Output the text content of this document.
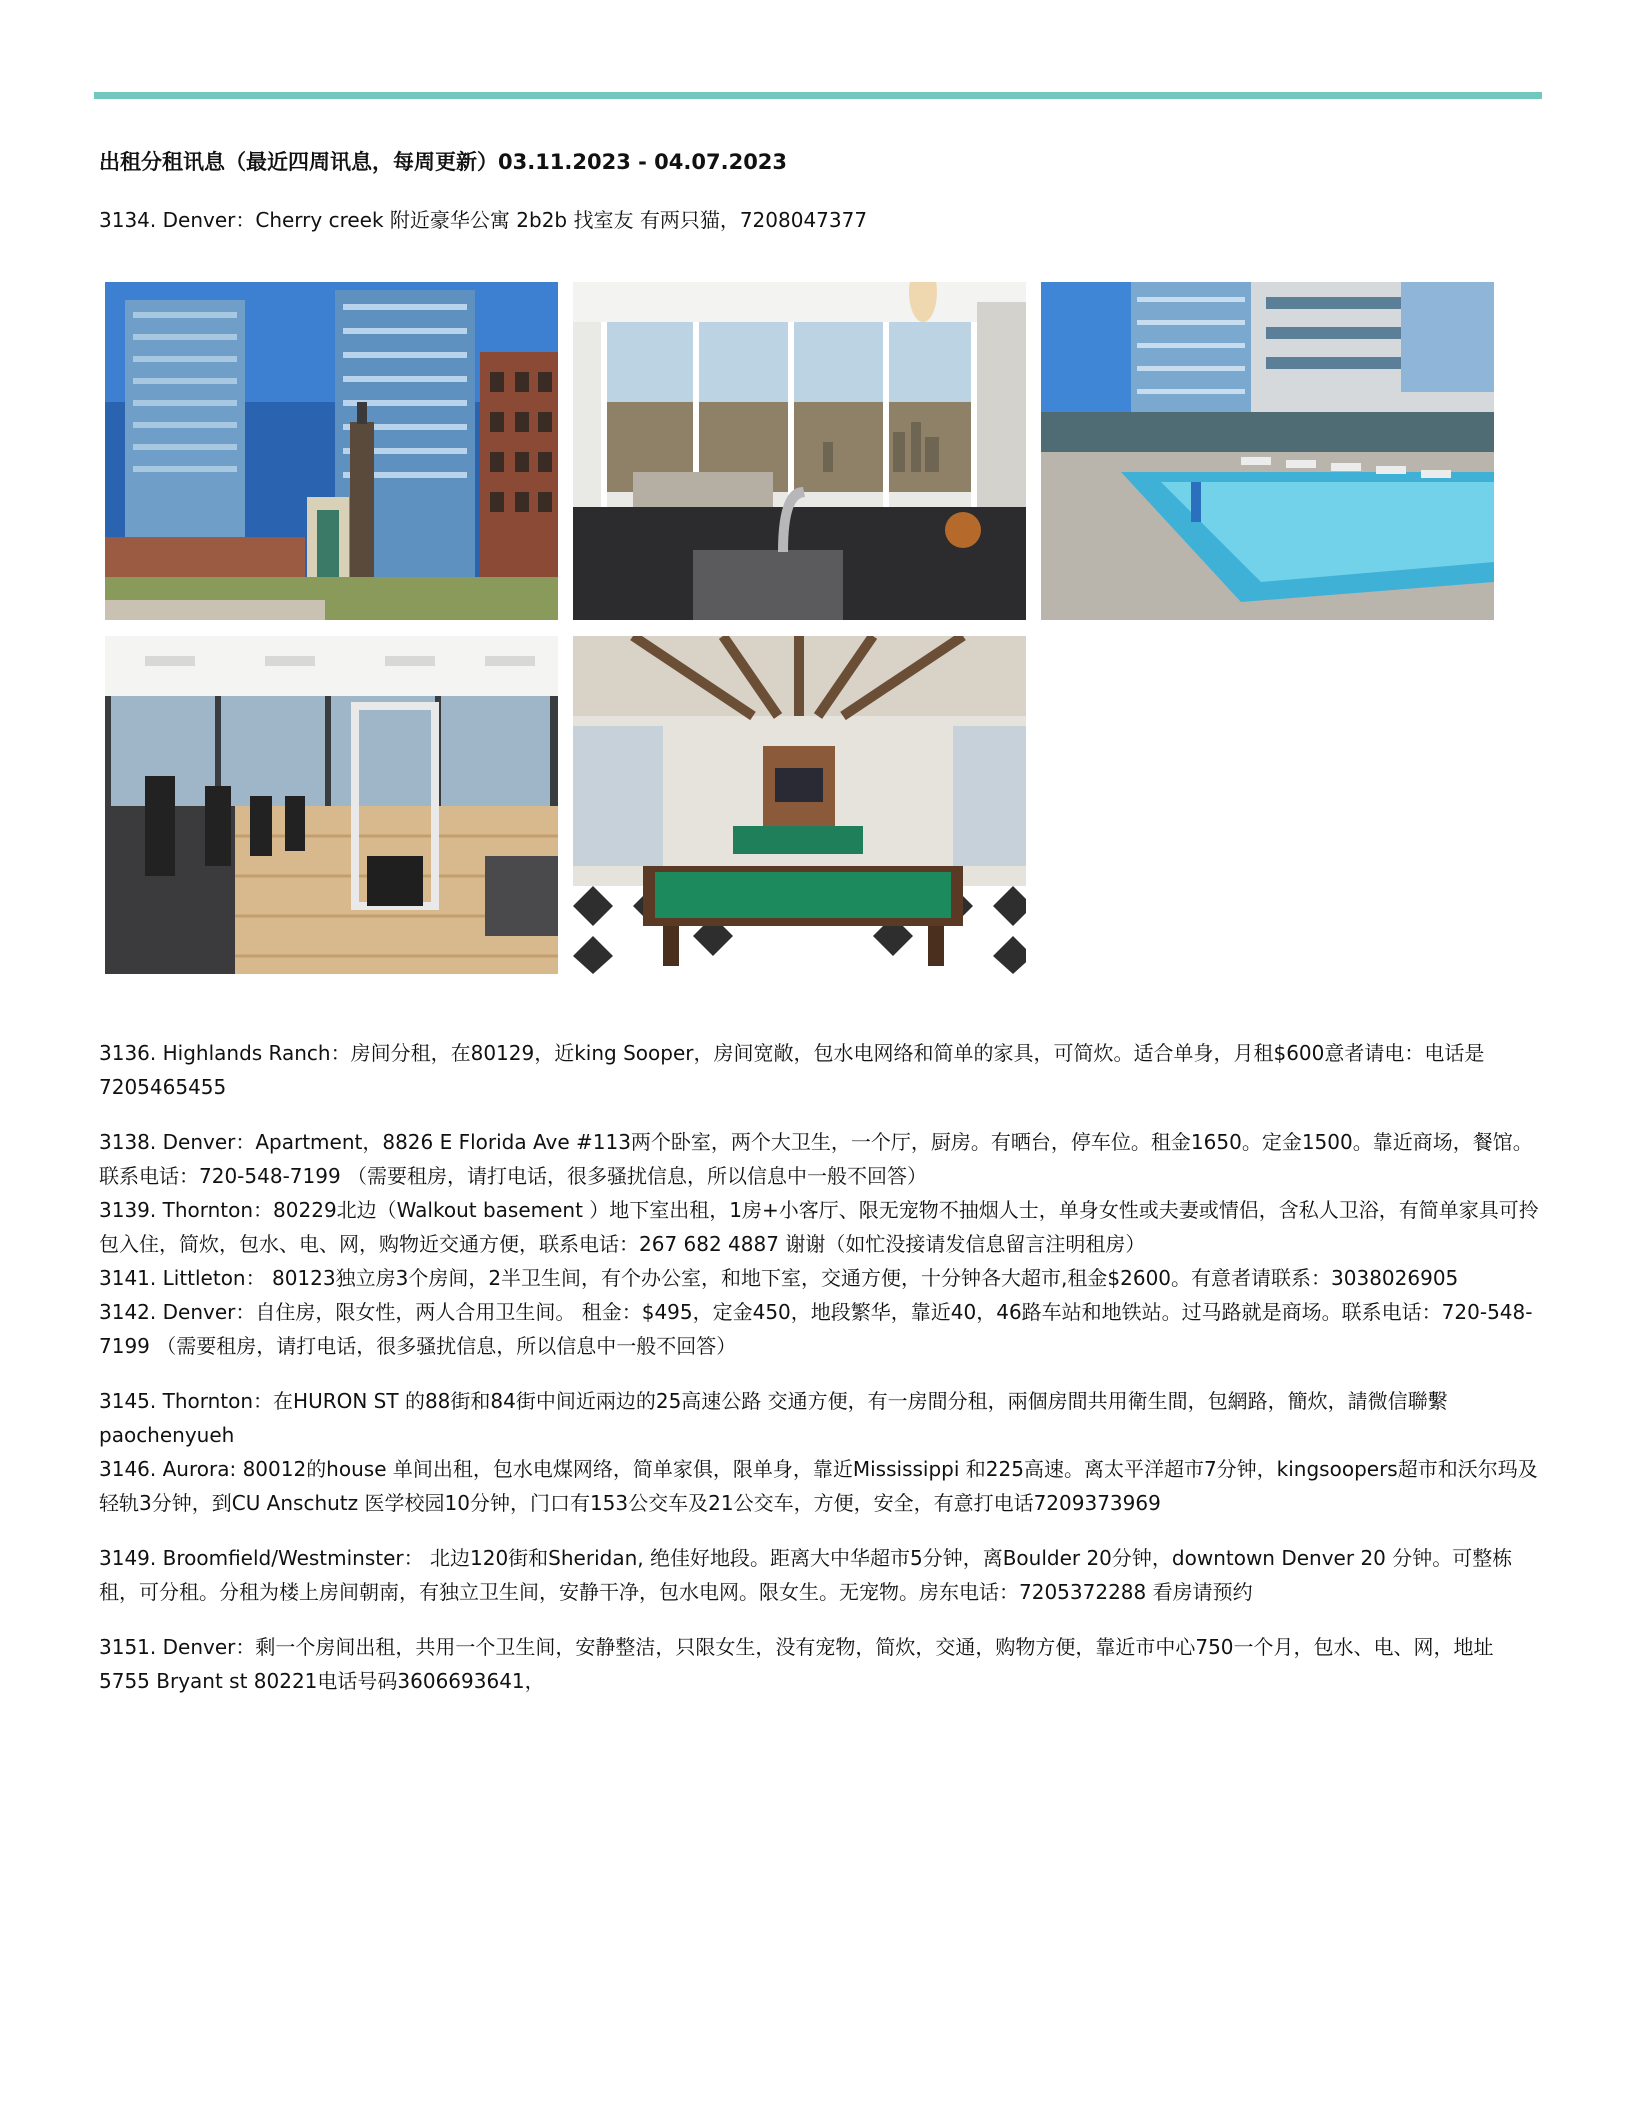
出租分租讯息（最近四周讯息，每周更新）03.11.2023 - 04.07.2023
3134. Denver：Cherry creek 附近豪华公寓 2b2b 找室友 有两只猫，7208047377

3136. Highlands Ranch：房间分租，在80129，近king Sooper，房间宽敞，包水电网络和简单的家具，可简炊。适合单身，月租$600意者请电：电话是7205465455

3138. Denver：Apartment，8826 E Florida Ave #113两个卧室，两个大卫生，一个厅，厨房。有晒台，停车位。租金1650。定金1500。靠近商场，餐馆。联系电话：720-548-7199 （需要租房，请打电话，很多骚扰信息，所以信息中一般不回答）

3139. Thornton：80229北边（Walkout basement ）地下室出租，1房+小客厅、限无宠物不抽烟人士，单身女性或夫妻或情侣，含私人卫浴，有简单家具可拎包入住，简炊，包水、电、网，购物近交通方便，联系电话：267 682 4887 谢谢（如忙没接请发信息留言注明租房）

3141. Littleton： 80123独立房3个房间，2半卫生间，有个办公室，和地下室，交通方便，十分钟各大超市,租金$2600。有意者请联系：3038026905

3142. Denver：自住房，限女性，两人合用卫生间。 租金：$495，定金450，地段繁华，靠近40，46路车站和地铁站。过马路就是商场。联系电话：720-548-7199 （需要租房，请打电话，很多骚扰信息，所以信息中一般不回答）

3145. Thornton：在HURON ST 的88街和84街中间近兩边的25高速公路 交通方便，有一房間分租，兩個房間共用衛生間，包網路，簡炊，請微信聯繫paochenyueh

3146. Aurora: 80012的house 单间出租，包水电煤网络，简单家俱，限单身，靠近Mississippi 和225高速。离太平洋超市7分钟，kingsoopers超市和沃尔玛及轻轨3分钟，到CU Anschutz 医学校园10分钟，门口有153公交车及21公交车，方便，安全，有意打电话7209373969

3149. Broomfield/Westminster： 北边120街和Sheridan, 绝佳好地段。距离大中华超市5分钟，离Boulder 20分钟，downtown Denver 20 分钟。可整栋租，可分租。分租为楼上房间朝南，有独立卫生间，安静干净，包水电网。限女生。无宠物。房东电话：7205372288 看房请预约

3151. Denver：剩一个房间出租，共用一个卫生间，安静整洁，只限女生，没有宠物，简炊，交通，购物方便，靠近市中心750一个月，包水、电、网，地址5755 Bryant st 80221电话号码3606693641，
